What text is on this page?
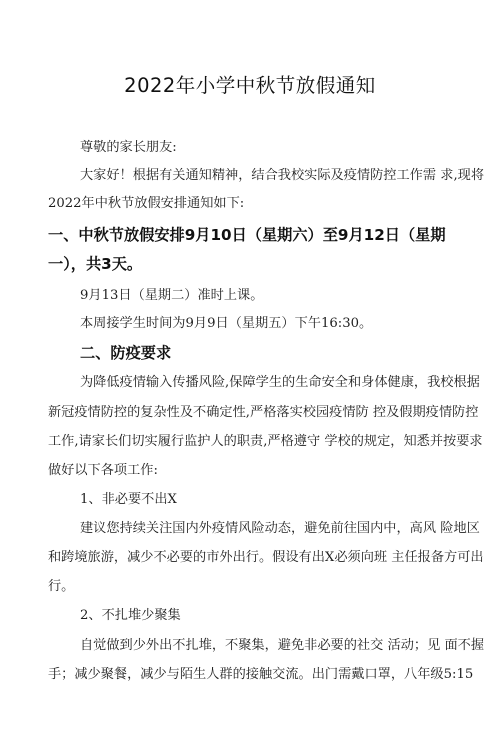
2022年小学中秋节放假通知
尊敬的家长朋友:
大家好！根据有关通知精神，结合我校实际及疫情防控工作需 求,现将
2022年中秋节放假安排通知如下:
一、中秋节放假安排9月10日（星期六）至9月12日（星期
一），共3天。
9月13日（星期二）准时上课。
本周接学生时间为9月9日（星期五）下午16:30。
二、防疫要求
为降低疫情输入传播风险,保障学生的生命安全和身体健康，我校根据
新冠疫情防控的复杂性及不确定性,严格落实校园疫情防 控及假期疫情防控
工作,请家长们切实履行监护人的职责,严格遵守 学校的规定，知悉并按要求
做好以下各项工作:
1、非必要不出X
建议您持续关注国内外疫情风险动态，避免前往国内中，高风 险地区
和跨境旅游，减少不必要的市外出行。假设有出X必须向班 主任报备方可出
行。
2、不扎堆少聚集
自觉做到少外出不扎堆，不聚集，避免非必要的社交 活动；见 面不握
手；减少聚餐，减少与陌生人群的接触交流。出门需戴口罩，八年级5:15
